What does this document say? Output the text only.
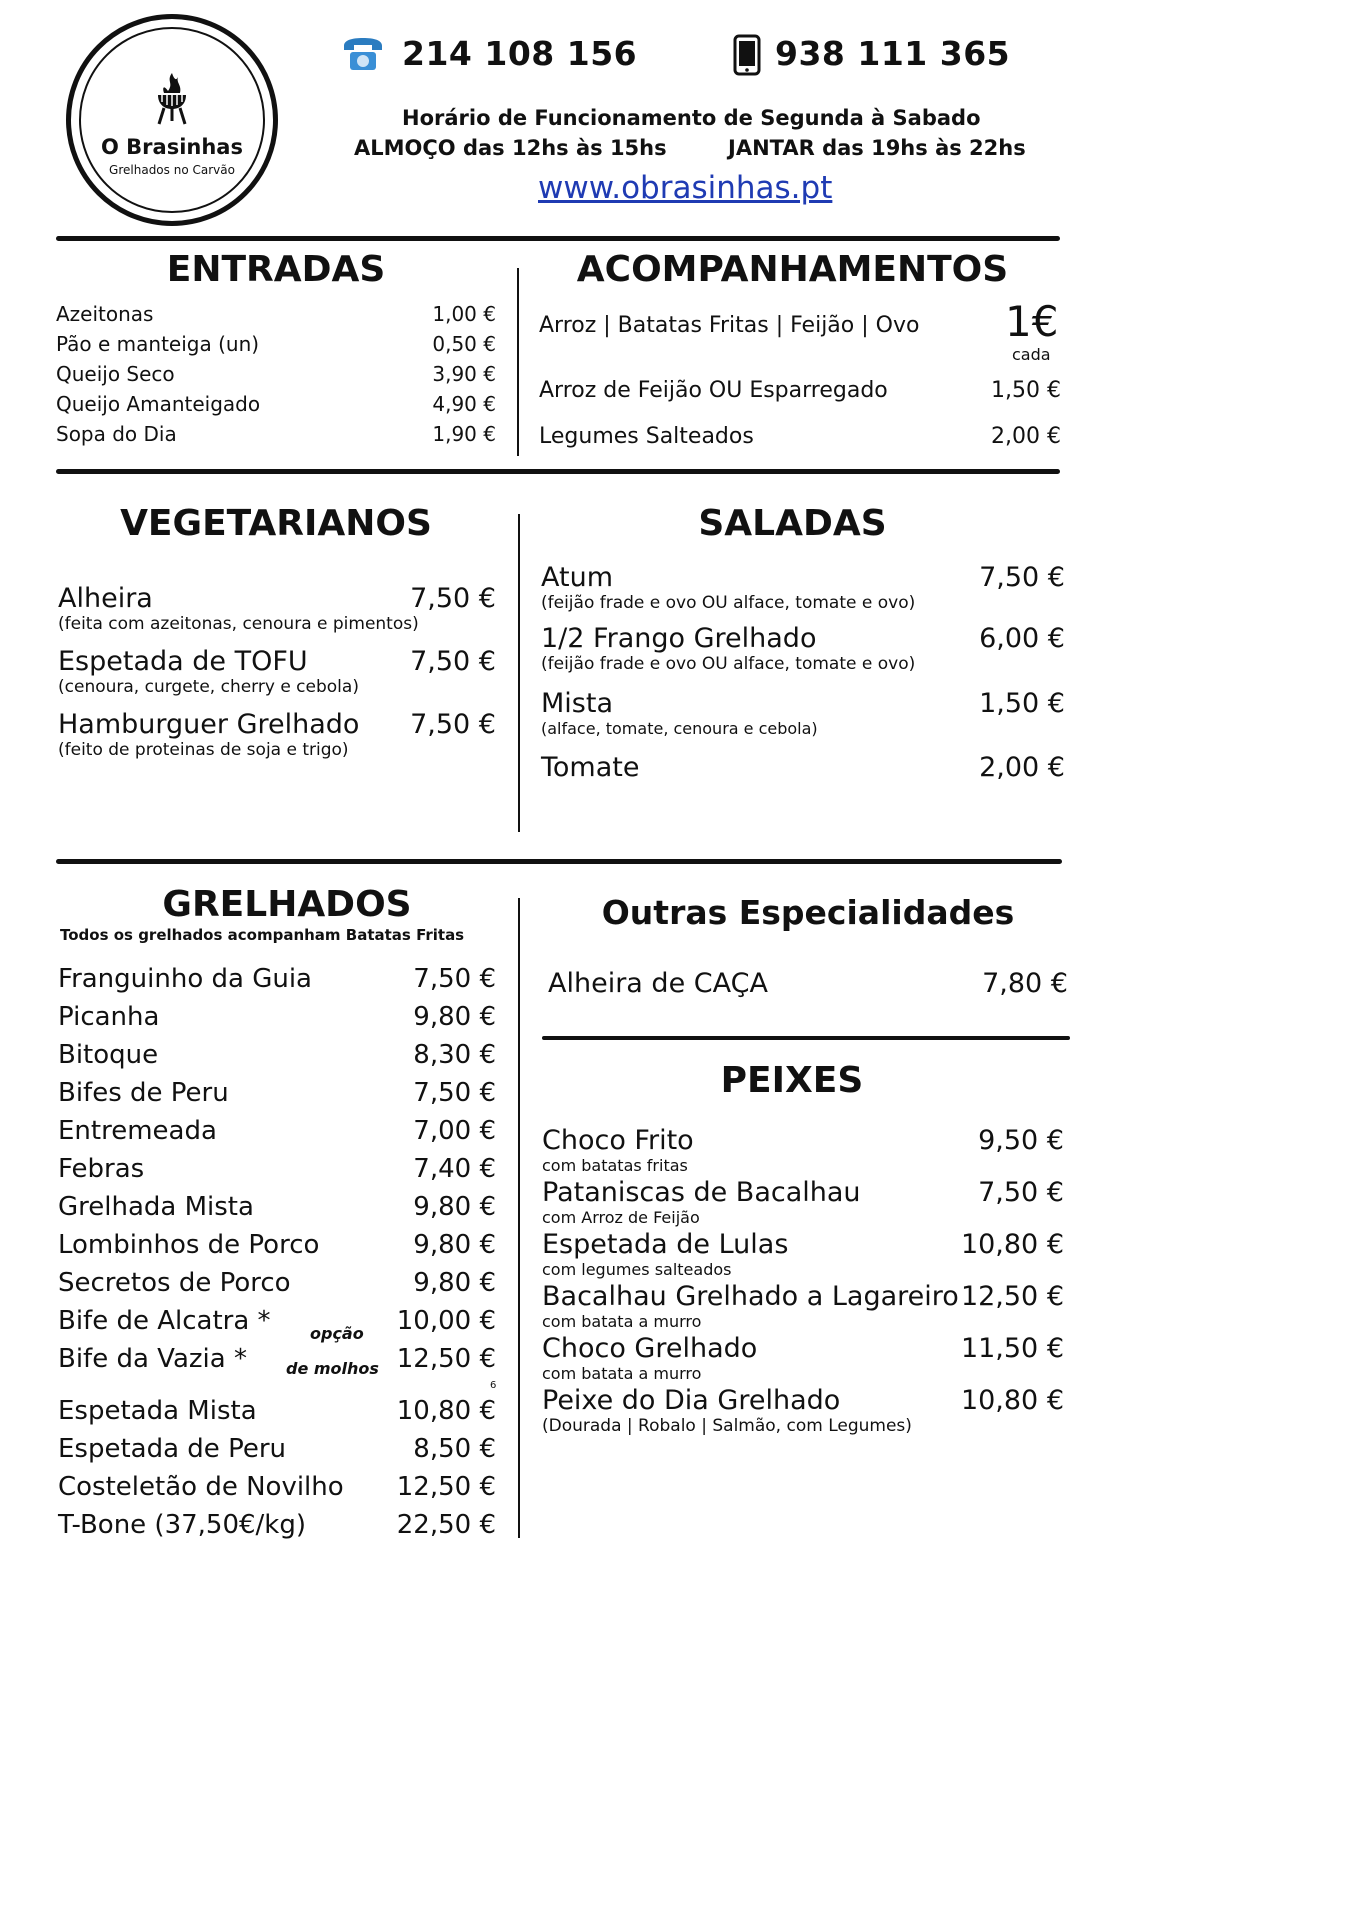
O Brasinhas
Grelhados no Carvão
214 108 156	938 111 365
Horário de Funcionamento de Segunda à Sabado
ALMOÇO das 12hs às 15hs	JANTAR das 19hs às 22hs
www.obrasinhas.pt
ENTRADAS
Azeitonas	1,00 €
Pão e manteiga (un)	0,50 €
Queijo Seco	3,90 €
Queijo Amanteigado	4,90 €
Sopa do Dia	1,90 €
ACOMPANHAMENTOS
Arroz | Batatas Fritas | Feijão | Ovo 1€
cada
Arroz de Feijão OU Esparregado	1,50 €
Legumes Salteados	2,00 €
VEGETARIANOS
Alheira	7,50 €
(feita com azeitonas, cenoura e pimentos)
Espetada de TOFU	7,50 €
(cenoura, curgete, cherry e cebola)
Hamburguer Grelhado 7,50 €
(feito de proteinas de soja e trigo)
SALADAS
Atum	7,50 €
(feijão frade e ovo OU alface, tomate e ovo)
1/2 Frango Grelhado	6,00 €
(feijão frade e ovo OU alface, tomate e ovo)
Mista	1,50 €
(alface, tomate, cenoura e cebola)
Tomate	2,00 €
GRELHADOS
Todos os grelhados acompanham Batatas Fritas
Franguinho da Guia	7,50 €
Picanha	9,80 €
Bitoque	8,30 €
Bifes de Peru	7,50 €
Entremeada	7,00 €
Febras	7,40 €
Grelhada Mista	9,80 €
Lombinhos de Porco	9,80 €
Secretos de Porco	9,80 €
Bife de Alcatra *	10,00 €
Bife da Vazia *	12,50 €
Espetada Mista	10,80 €
Espetada de Peru	8,50 €
Costeletão de Novilho 12,50 €
T-Bone (37,50€/kg)	22,50 €
opção
de molhos
6
Outras Especialidades
Alheira de CAÇA	7,80 €
PEIXES
Choco Frito	9,50 €
com batatas fritas
Pataniscas de Bacalhau	7,50 €
com Arroz de Feijão
Espetada de Lulas	10,80 €
com legumes salteados
Bacalhau Grelhado a Lagareiro 12,50 €
com batata a murro
Choco Grelhado	11,50 €
com batata a murro
Peixe do Dia Grelhado	10,80 €
(Dourada | Robalo | Salmão, com Legumes)
